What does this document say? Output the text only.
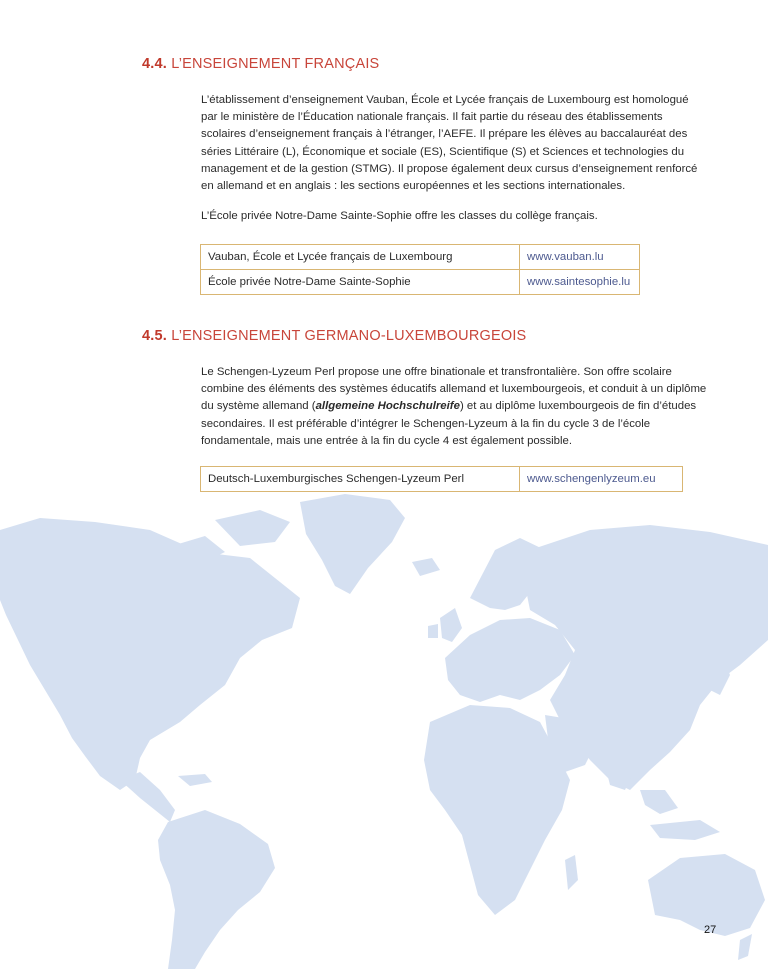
4.4. L’ENSEIGNEMENT FRANÇAIS

L’établissement d’enseignement Vauban, École et Lycée français de Luxembourg est homologué par le ministère de l’Éducation nationale français. Il fait partie du réseau des établissements scolaires d’enseignement français à l’étranger, l’AEFE. Il prépare les élèves au baccalauréat des séries Littéraire (L), Économique et sociale (ES), Scientifique (S) et Sciences et technologies du management et de la gestion (STMG). Il propose également deux cursus d’enseignement renforcé en allemand et en anglais : les sections européennes et les sections internationales.

L’École privée Notre-Dame Sainte-Sophie offre les classes du collège français.

Vauban, École et Lycée français de Luxembourg	www.vauban.lu
École privée Notre-Dame Sainte-Sophie	www.saintesophie.lu
4.5. L’ENSEIGNEMENT GERMANO-LUXEMBOURGEOIS

Le Schengen-Lyzeum Perl propose une offre binationale et transfrontalière. Son offre scolaire combine des éléments des systèmes éducatifs allemand et luxembourgeois, et conduit à un diplôme du système allemand (allgemeine Hochschulreife) et au diplôme luxembourgeois de fin d’études secondaires. Il est préférable d’intégrer le Schengen-Lyzeum à la fin du cycle 3 de l’école fondamentale, mais une entrée à la fin du cycle 4 est également possible.

Deutsch-Luxemburgisches Schengen-Lyzeum Perl	www.schengenlyzeum.eu
27
